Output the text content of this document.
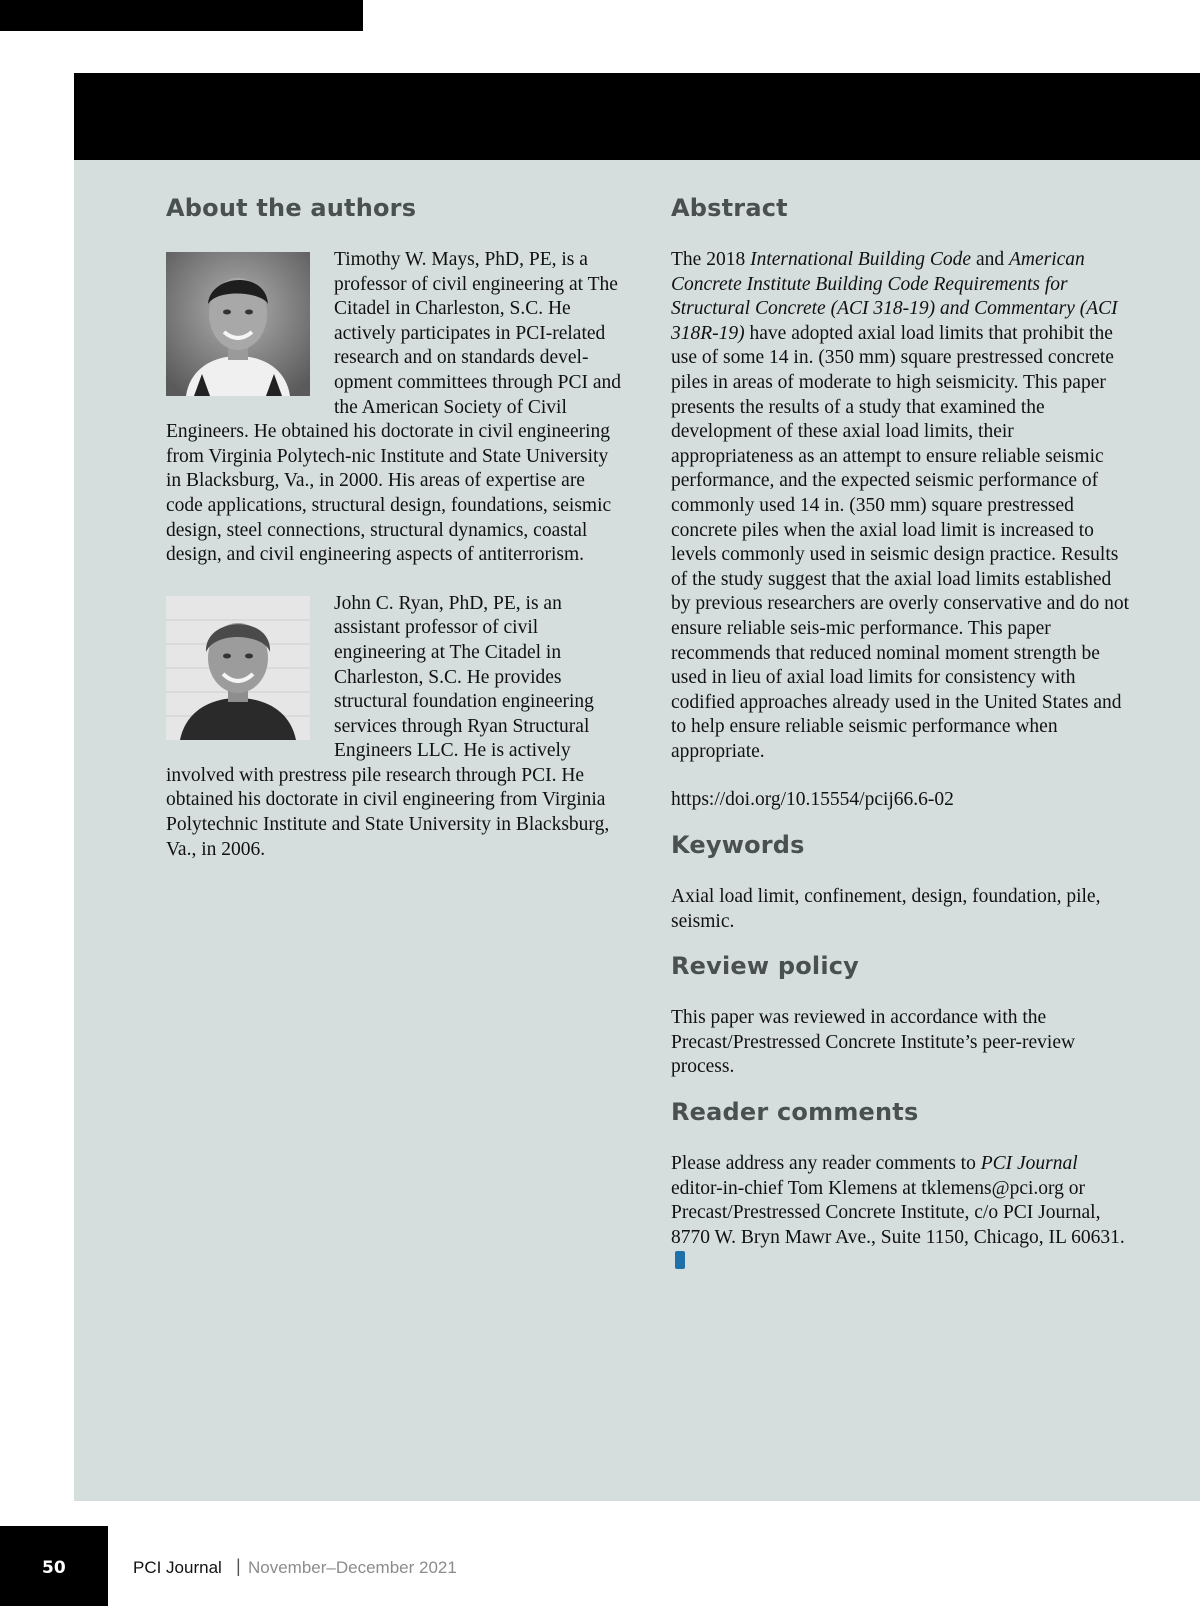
About the authors

Timothy W. Mays, PhD, PE, is a professor of civil engineering at The Citadel in Charleston, S.C. He actively participates in PCI-related research and on standards devel-opment committees through PCI and the American Society of Civil Engineers. He obtained his doctorate in civil engineering from Virginia Polytech-nic Institute and State University in Blacksburg, Va., in 2000. His areas of expertise are code applications, structural design, foundations, seismic design, steel connections, structural dynamics, coastal design, and civil engineering aspects of antiterrorism.

John C. Ryan, PhD, PE, is an assistant professor of civil engineering at The Citadel in Charleston, S.C. He provides structural foundation engineering services through Ryan Structural Engineers LLC. He is actively involved with prestress pile research through PCI. He obtained his doctorate in civil engineering from Virginia Polytechnic Institute and State University in Blacksburg, Va., in 2006.

Abstract

The 2018 International Building Code and American Concrete Institute Building Code Requirements for Structural Concrete (ACI 318-19) and Commentary (ACI 318R-19) have adopted axial load limits that prohibit the use of some 14 in. (350 mm) square prestressed concrete piles in areas of moderate to high seismicity. This paper presents the results of a study that examined the development of these axial load limits, their appropriateness as an attempt to ensure reliable seismic performance, and the expected seismic performance of commonly used 14 in. (350 mm) square prestressed concrete piles when the axial load limit is increased to levels commonly used in seismic design practice. Results of the study suggest that the axial load limits established by previous researchers are overly conservative and do not ensure reliable seis-mic performance. This paper recommends that reduced nominal moment strength be used in lieu of axial load limits for consistency with codified approaches already used in the United States and to help ensure reliable seismic performance when appropriate.

https://doi.org/10.15554/pcij66.6-02

Keywords

Axial load limit, confinement, design, foundation, pile, seismic.

Review policy

This paper was reviewed in accordance with the Precast/Prestressed Concrete Institute’s peer-review process.

Reader comments

Please address any reader comments to PCI Journal editor-in-chief Tom Klemens at tklemens@pci.org or Precast/Prestressed Concrete Institute, c/o PCI Journal, 8770 W. Bryn Mawr Ave., Suite 1150, Chicago, IL 60631.

50	PCI Journal | November–December 2021
